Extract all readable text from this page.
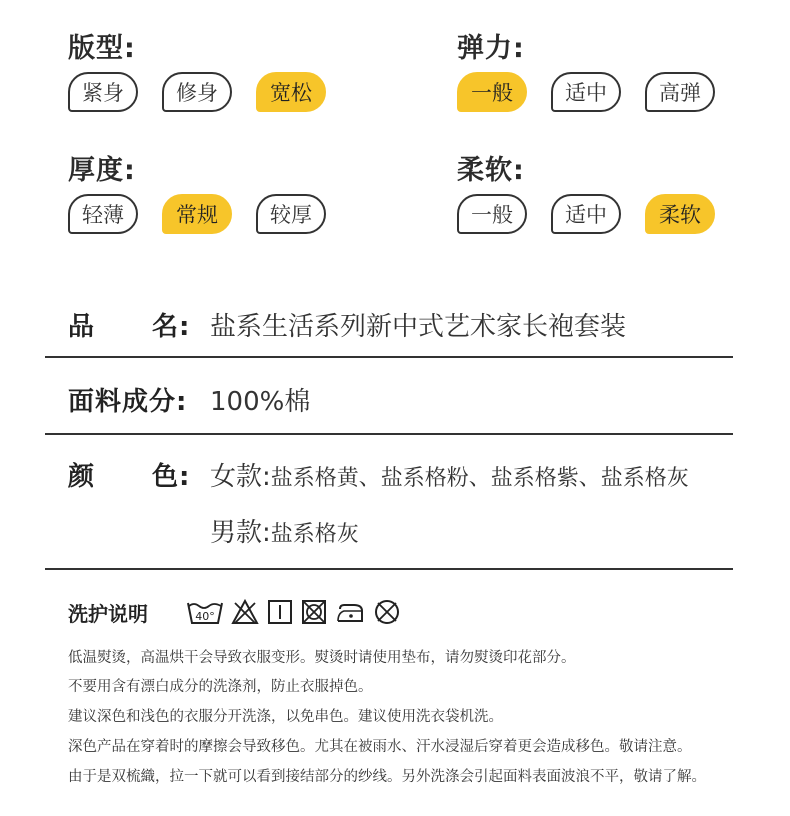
版型:
紧身	修身	宽松
弹力:
一般	适中	高弹
厚度:
轻薄	常规	较厚
柔软:
一般	适中	柔软
品 名: 盐系生活系列新中式艺术家长袍套装
面料成分: 100%棉
颜 色: 女款:盐系格黄、盐系格粉、盐系格紫、盐系格灰
男款:盐系格灰
洗护说明	40°
低温熨烫，高温烘干会导致衣服变形。熨烫时请使用垫布，请勿熨烫印花部分。
不要用含有漂白成分的洗涤剂，防止衣服掉色。
建议深色和浅色的衣服分开洗涤，以免串色。建议使用洗衣袋机洗。
深色产品在穿着时的摩擦会导致移色。尤其在被雨水、汗水浸湿后穿着更会造成移色。敬请注意。
由于是双梳織，拉一下就可以看到接结部分的纱线。另外洗涤会引起面料表面波浪不平，敬请了解。
